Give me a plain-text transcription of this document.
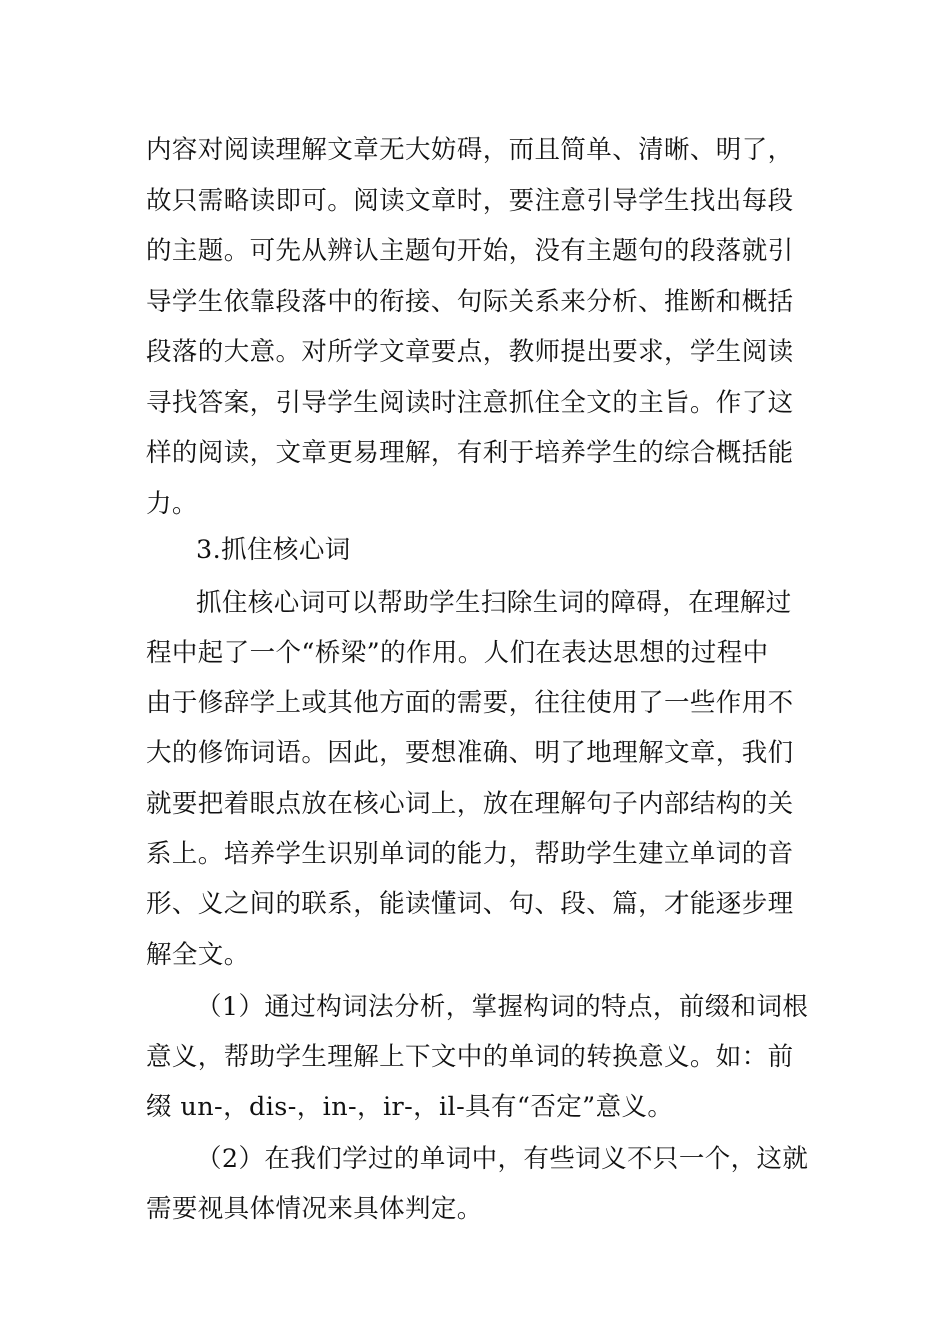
内容对阅读理解文章无大妨碍，而且简单、清晰、明了，
故只需略读即可。阅读文章时，要注意引导学生找出每段
的主题。可先从辨认主题句开始，没有主题句的段落就引
导学生依靠段落中的衔接、句际关系来分析、推断和概括
段落的大意。对所学文章要点，教师提出要求，学生阅读
寻找答案，引导学生阅读时注意抓住全文的主旨。作了这
样的阅读，文章更易理解，有利于培养学生的综合概括能
力。
3.抓住核心词
抓住核心词可以帮助学生扫除生词的障碍，在理解过
程中起了一个“桥梁”的作用。人们在表达思想的过程中
由于修辞学上或其他方面的需要，往往使用了一些作用不
大的修饰词语。因此，要想准确、明了地理解文章，我们
就要把着眼点放在核心词上，放在理解句子内部结构的关
系上。培养学生识别单词的能力，帮助学生建立单词的音
形、义之间的联系，能读懂词、句、段、篇，才能逐步理
解全文。
（1）通过构词法分析，掌握构词的特点，前缀和词根
意义，帮助学生理解上下文中的单词的转换意义。如：前
缀 un-，dis-，in-，ir-，il-具有“否定”意义。
（2）在我们学过的单词中，有些词义不只一个，这就
需要视具体情况来具体判定。
